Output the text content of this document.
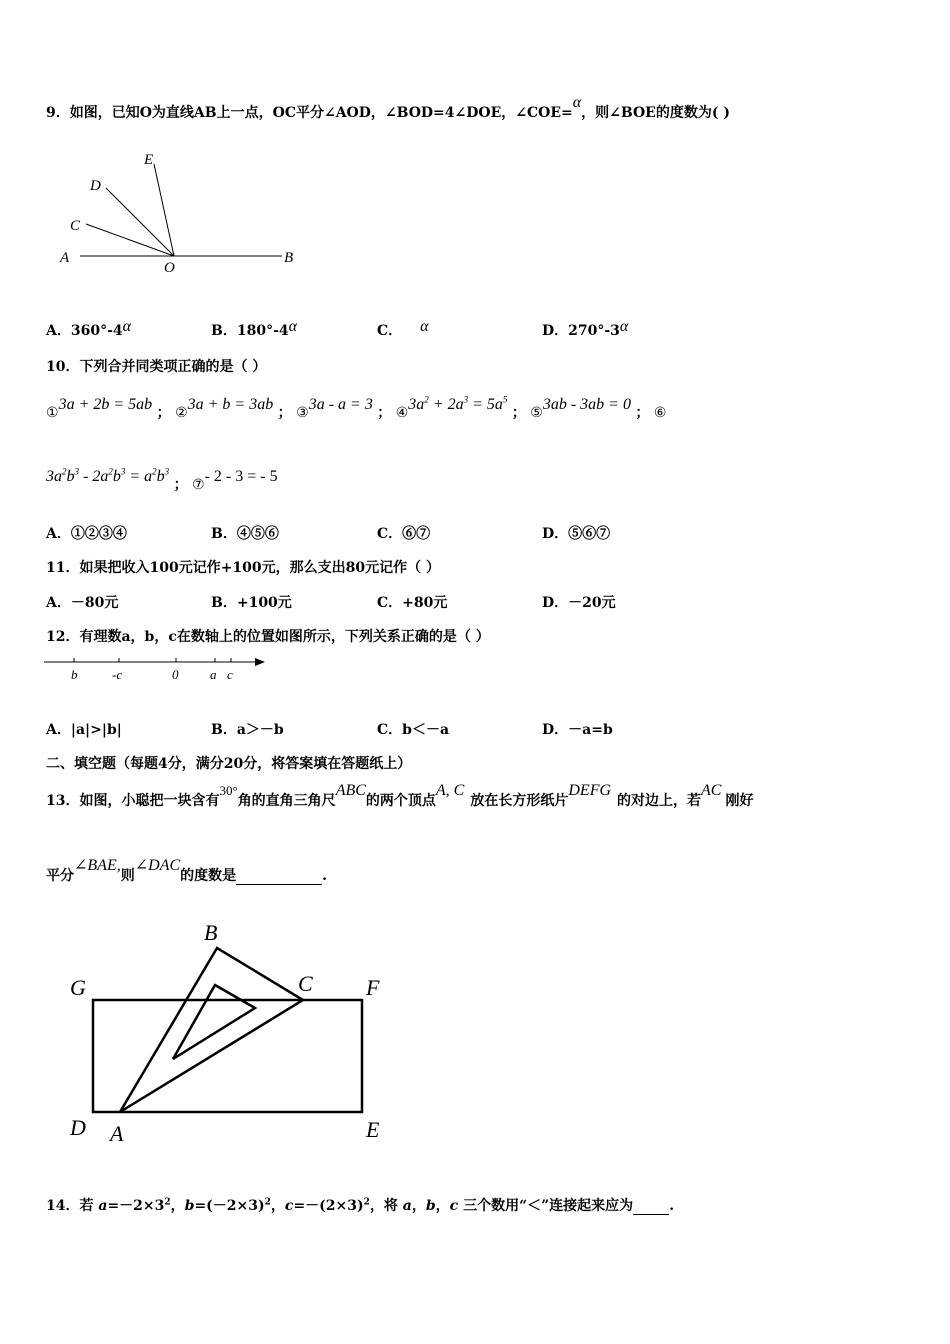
9．如图，已知O为直线AB上一点，OC平分∠AOD，∠BOD=4∠DOE，∠COE=α，则∠BOE的度数为( )
E
D
C
A
O
B
A．360°-4α	B．180°-4α	C． α	D．270°-3α
10．下列合并同类项正确的是（ ）
①3a + 2b = 5ab ； ②3a + b = 3ab ； ③3a - a = 3 ； $④3a^2 + 2a^3 = 5a^5$ ； ⑤3ab - 3ab = 0 ； ⑥
$3a^2b^3 - 2a^2b^3 = a^2b^3$ ； ⑦- 2 - 3 = - 5
A．①②③④	B．④⑤⑥	C．⑥⑦	D．⑤⑥⑦
11．如果把收入100元记作+100元，那么支出80元记作（ ）
A．－80元	B．+100元	C．+80元	D．－20元
12．有理数a，b，c在数轴上的位置如图所示，下列关系正确的是（ ）
b	-c	0 a c
A．|a|>|b|	B．a＞－b	C．b＜－a	D．－a=b
二、填空题（每题4分，满分20分，将答案填在答题纸上）
13．如图，小聪把一块含有30°角的直角三角尺ABC的两个顶点A, C放在长方形纸片DEFG的对边上，若AC刚好
平分∠BAE,则∠DAC的度数是	.
B
G	C F
D A	E
14．若 $a=-2\times 3^2$，$b=(-2\times 3)^2$，$c=-(2\times 3)^2$，将 a，b，c 三个数用“＜”连接起来应为	.
